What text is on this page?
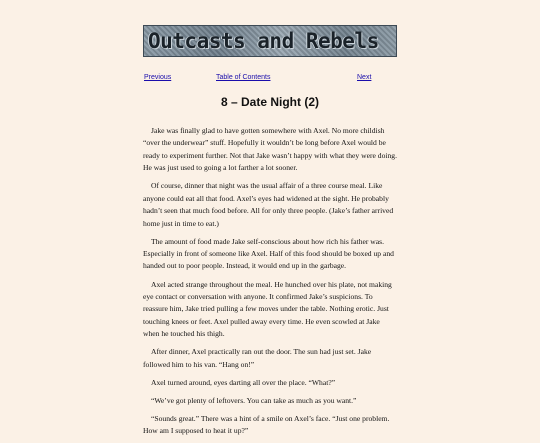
Outcasts and Rebels
Previous	Table of Contents	Next
8 – Date Night (2)

Jake was finally glad to have gotten somewhere with Axel. No more childish “over the underwear” stuff. Hopefully it wouldn’t be long before Axel would be ready to experiment further. Not that Jake wasn’t happy with what they were doing. He was just used to going a lot farther a lot sooner.

Of course, dinner that night was the usual affair of a three course meal. Like anyone could eat all that food. Axel’s eyes had widened at the sight. He probably hadn’t seen that much food before. All for only three people. (Jake’s father arrived home just in time to eat.)

The amount of food made Jake self-conscious about how rich his father was. Especially in front of someone like Axel. Half of this food should be boxed up and handed out to poor people. Instead, it would end up in the garbage.

Axel acted strange throughout the meal. He hunched over his plate, not making eye contact or conversation with anyone. It confirmed Jake’s suspicions. To reassure him, Jake tried pulling a few moves under the table. Nothing erotic. Just touching knees or feet. Axel pulled away every time. He even scowled at Jake when he touched his thigh.

After dinner, Axel practically ran out the door. The sun had just set. Jake followed him to his van. “Hang on!”

Axel turned around, eyes darting all over the place. “What?”

“We’ve got plenty of leftovers. You can take as much as you want.”

“Sounds great.” There was a hint of a smile on Axel’s face. “Just one problem. How am I supposed to heat it up?”
